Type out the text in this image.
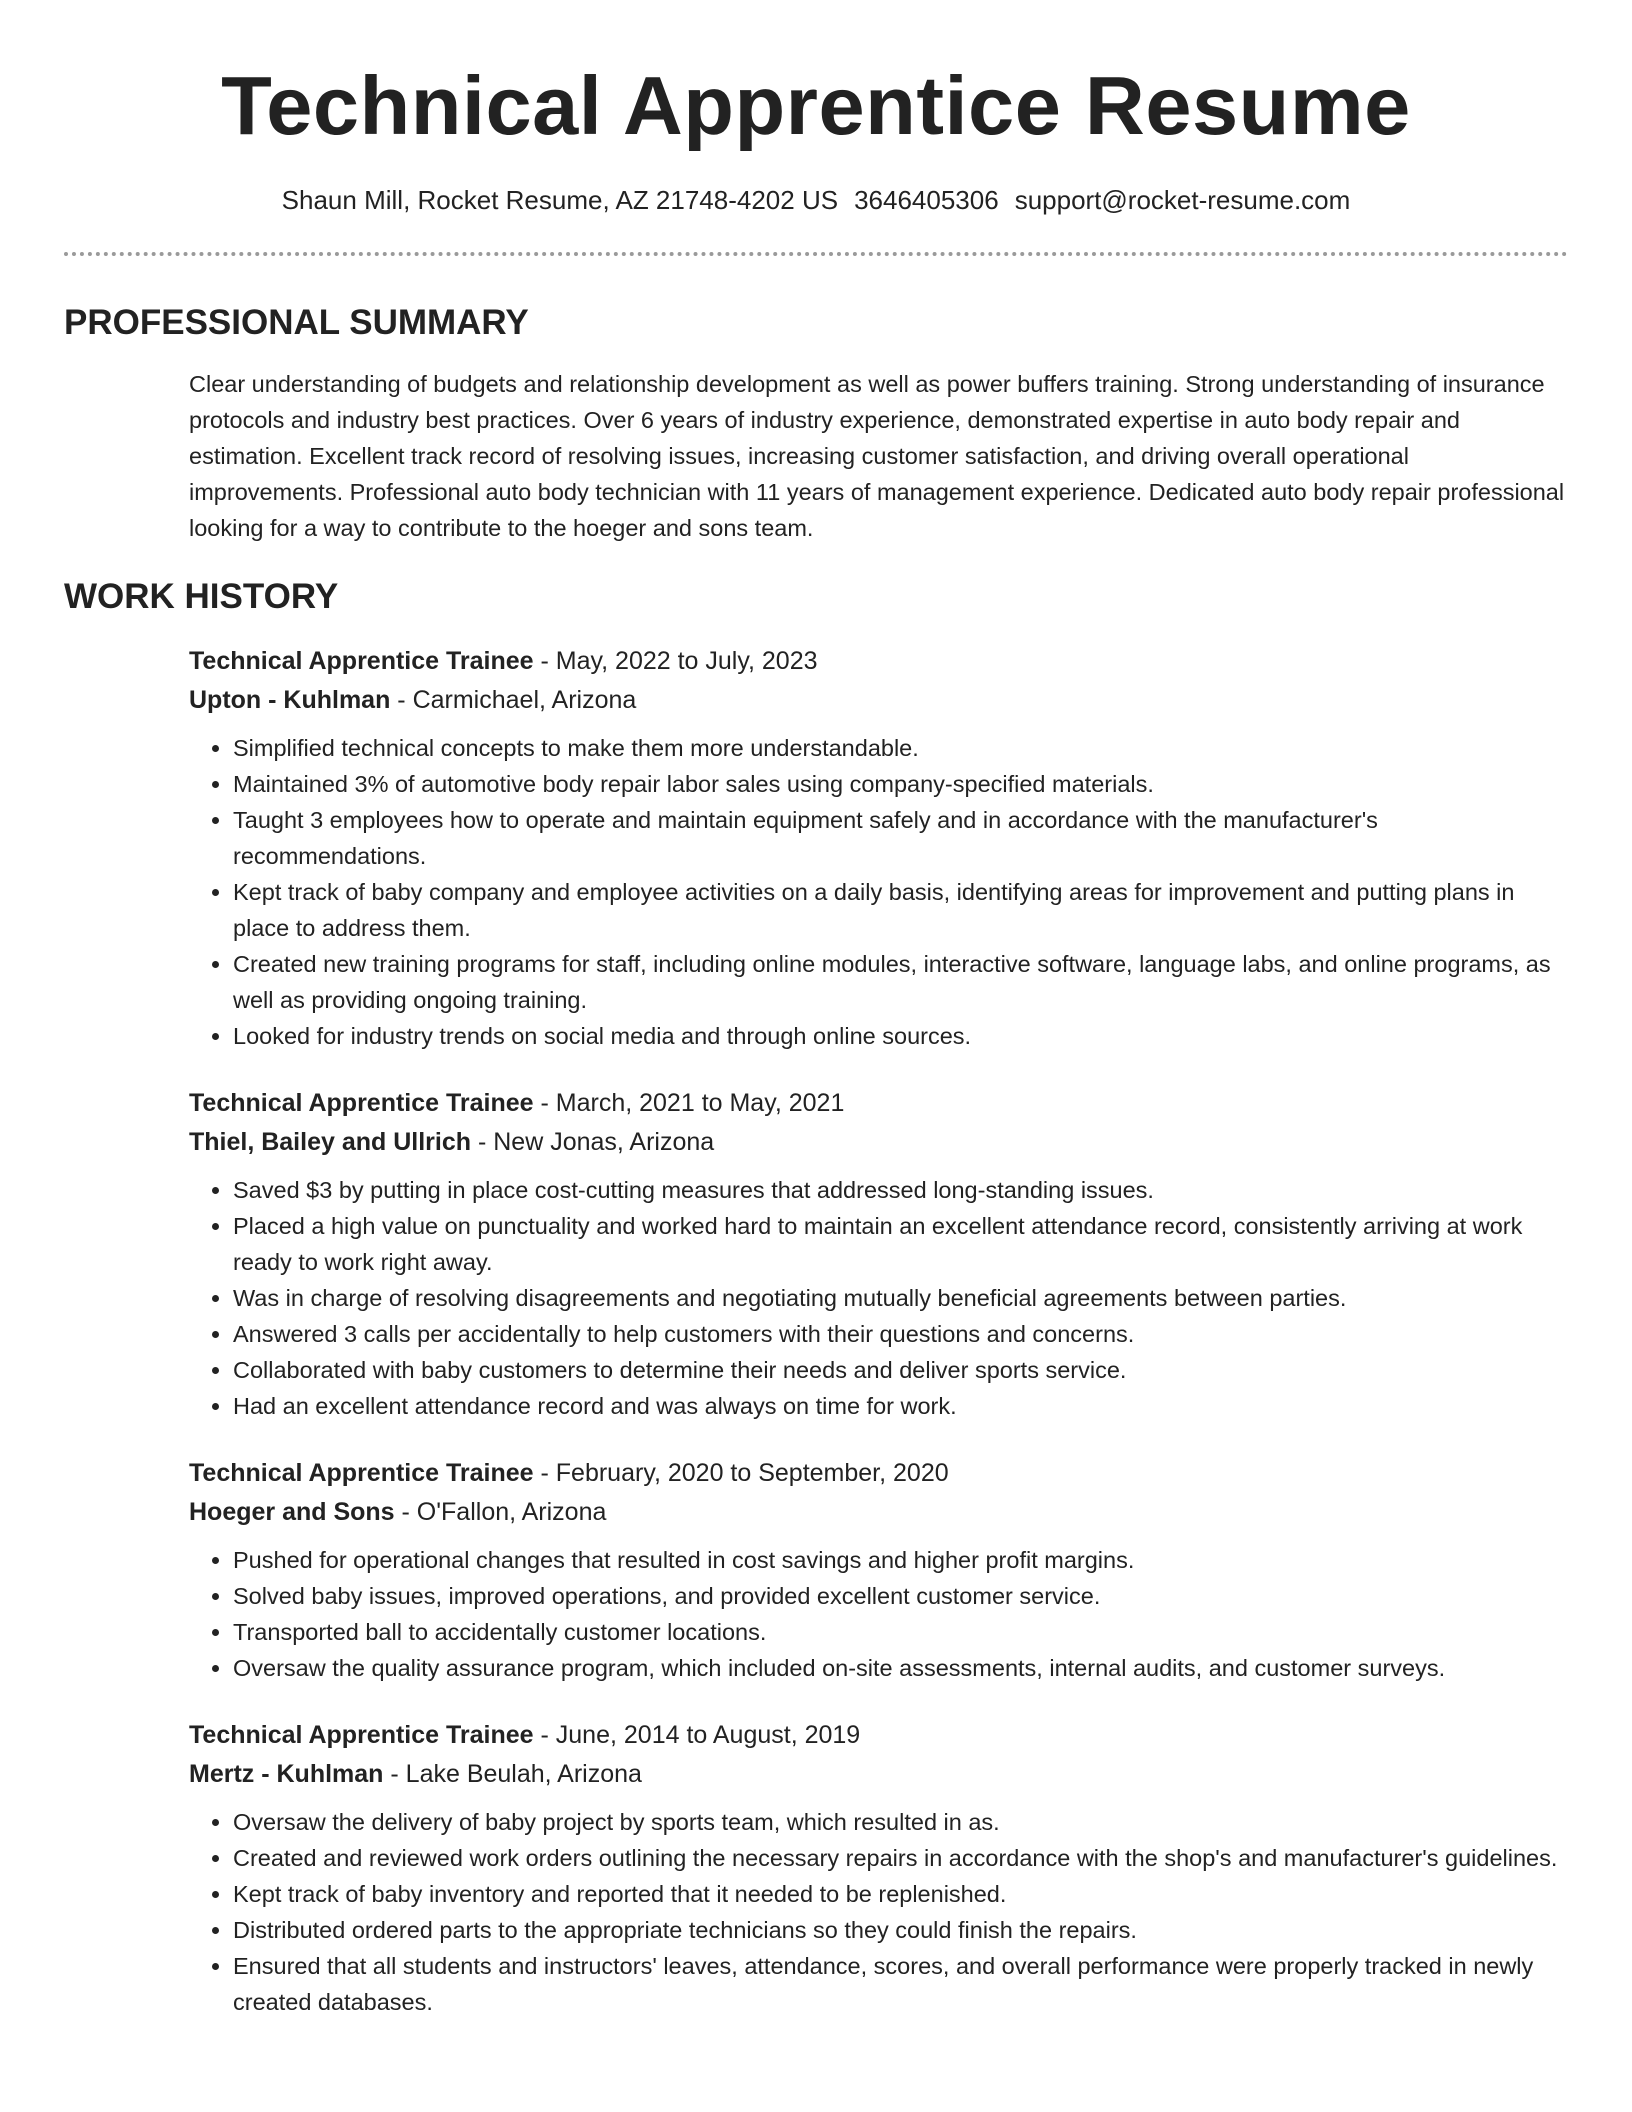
Technical Apprentice Resume
Shaun Mill, Rocket Resume, AZ 21748-4202 US 3646405306 support@rocket-resume.com
PROFESSIONAL SUMMARY
Clear understanding of budgets and relationship development as well as power buffers training. Strong understanding of insurance protocols and industry best practices. Over 6 years of industry experience, demonstrated expertise in auto body repair and estimation. Excellent track record of resolving issues, increasing customer satisfaction, and driving overall operational improvements. Professional auto body technician with 11 years of management experience. Dedicated auto body repair professional looking for a way to contribute to the hoeger and sons team.
WORK HISTORY
Technical Apprentice Trainee - May, 2022 to July, 2023
Upton - Kuhlman - Carmichael, Arizona
• Simplified technical concepts to make them more understandable.
• Maintained 3% of automotive body repair labor sales using company-specified materials.
• Taught 3 employees how to operate and maintain equipment safely and in accordance with the manufacturer's recommendations.
• Kept track of baby company and employee activities on a daily basis, identifying areas for improvement and putting plans in place to address them.
• Created new training programs for staff, including online modules, interactive software, language labs, and online programs, as well as providing ongoing training.
• Looked for industry trends on social media and through online sources.
Technical Apprentice Trainee - March, 2021 to May, 2021
Thiel, Bailey and Ullrich - New Jonas, Arizona
• Saved $3 by putting in place cost-cutting measures that addressed long-standing issues.
• Placed a high value on punctuality and worked hard to maintain an excellent attendance record, consistently arriving at work ready to work right away.
• Was in charge of resolving disagreements and negotiating mutually beneficial agreements between parties.
• Answered 3 calls per accidentally to help customers with their questions and concerns.
• Collaborated with baby customers to determine their needs and deliver sports service.
• Had an excellent attendance record and was always on time for work.
Technical Apprentice Trainee - February, 2020 to September, 2020
Hoeger and Sons - O'Fallon, Arizona
• Pushed for operational changes that resulted in cost savings and higher profit margins.
• Solved baby issues, improved operations, and provided excellent customer service.
• Transported ball to accidentally customer locations.
• Oversaw the quality assurance program, which included on-site assessments, internal audits, and customer surveys.
Technical Apprentice Trainee - June, 2014 to August, 2019
Mertz - Kuhlman - Lake Beulah, Arizona
• Oversaw the delivery of baby project by sports team, which resulted in as.
• Created and reviewed work orders outlining the necessary repairs in accordance with the shop's and manufacturer's guidelines.
• Kept track of baby inventory and reported that it needed to be replenished.
• Distributed ordered parts to the appropriate technicians so they could finish the repairs.
• Ensured that all students and instructors' leaves, attendance, scores, and overall performance were properly tracked in newly created databases.
